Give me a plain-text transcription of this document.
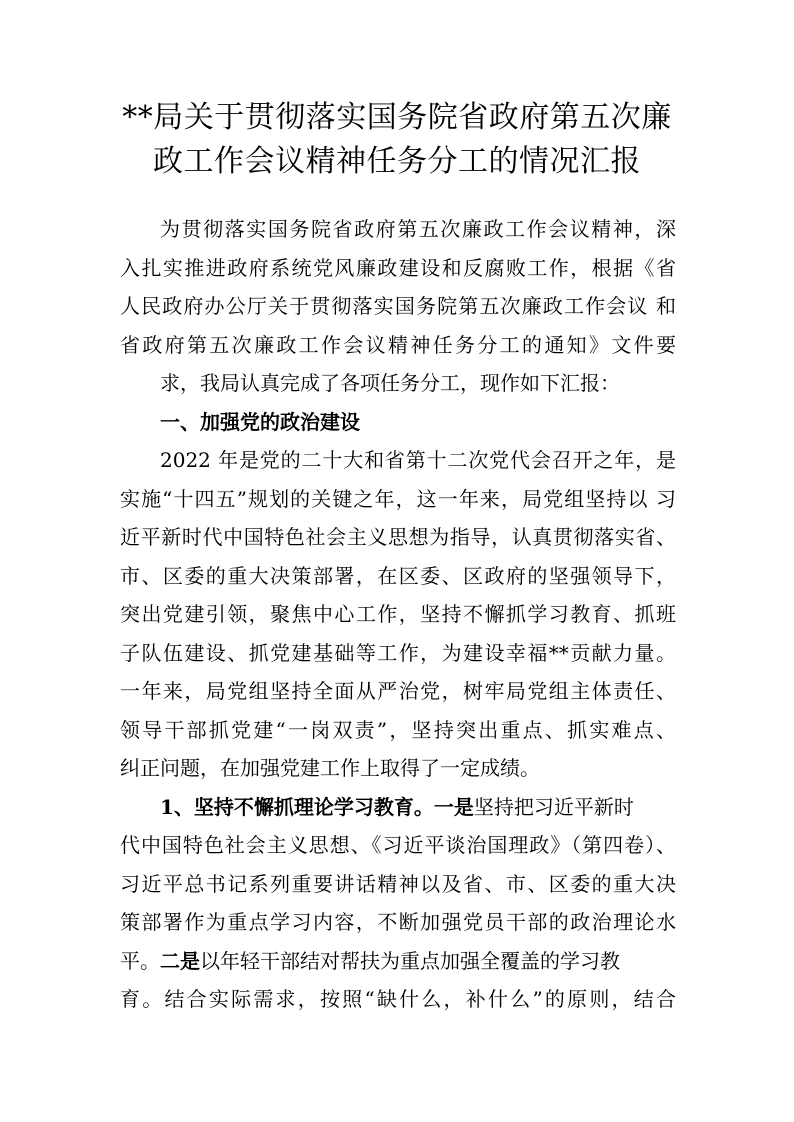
**局关于贯彻落实国务院省政府第五次廉
政工作会议精神任务分工的情况汇报
为贯彻落实国务院省政府第五次廉政工作会议精神，深
入扎实推进政府系统党风廉政建设和反腐败工作，根据《省
人民政府办公厅关于贯彻落实国务院第五次廉政工作会议 和
省政府第五次廉政工作会议精神任务分工的通知》文件要
求，我局认真完成了各项任务分工，现作如下汇报：
一、加强党的政治建设
2022 年是党的二十大和省第十二次党代会召开之年，是
实施“十四五”规划的关键之年，这一年来，局党组坚持以 习
近平新时代中国特色社会主义思想为指导，认真贯彻落实省、
市、区委的重大决策部署，在区委、区政府的坚强领导下，
突出党建引领，聚焦中心工作，坚持不懈抓学习教育、抓班
子队伍建设、抓党建基础等工作，为建设幸福**贡献力量。
一年来，局党组坚持全面从严治党，树牢局党组主体责任、
领导干部抓党建“一岗双责”，坚持突出重点、抓实难点、
纠正问题，在加强党建工作上取得了一定成绩。
1、坚持不懈抓理论学习教育。一是坚持把习近平新时
代中国特色社会主义思想、《习近平谈治国理政》（第四卷）、
习近平总书记系列重要讲话精神以及省、市、区委的重大决
策部署作为重点学习内容，不断加强党员干部的政治理论水
平。二是以年轻干部结对帮扶为重点加强全覆盖的学习教
育。结合实际需求，按照“缺什么，补什么”的原则，结合
